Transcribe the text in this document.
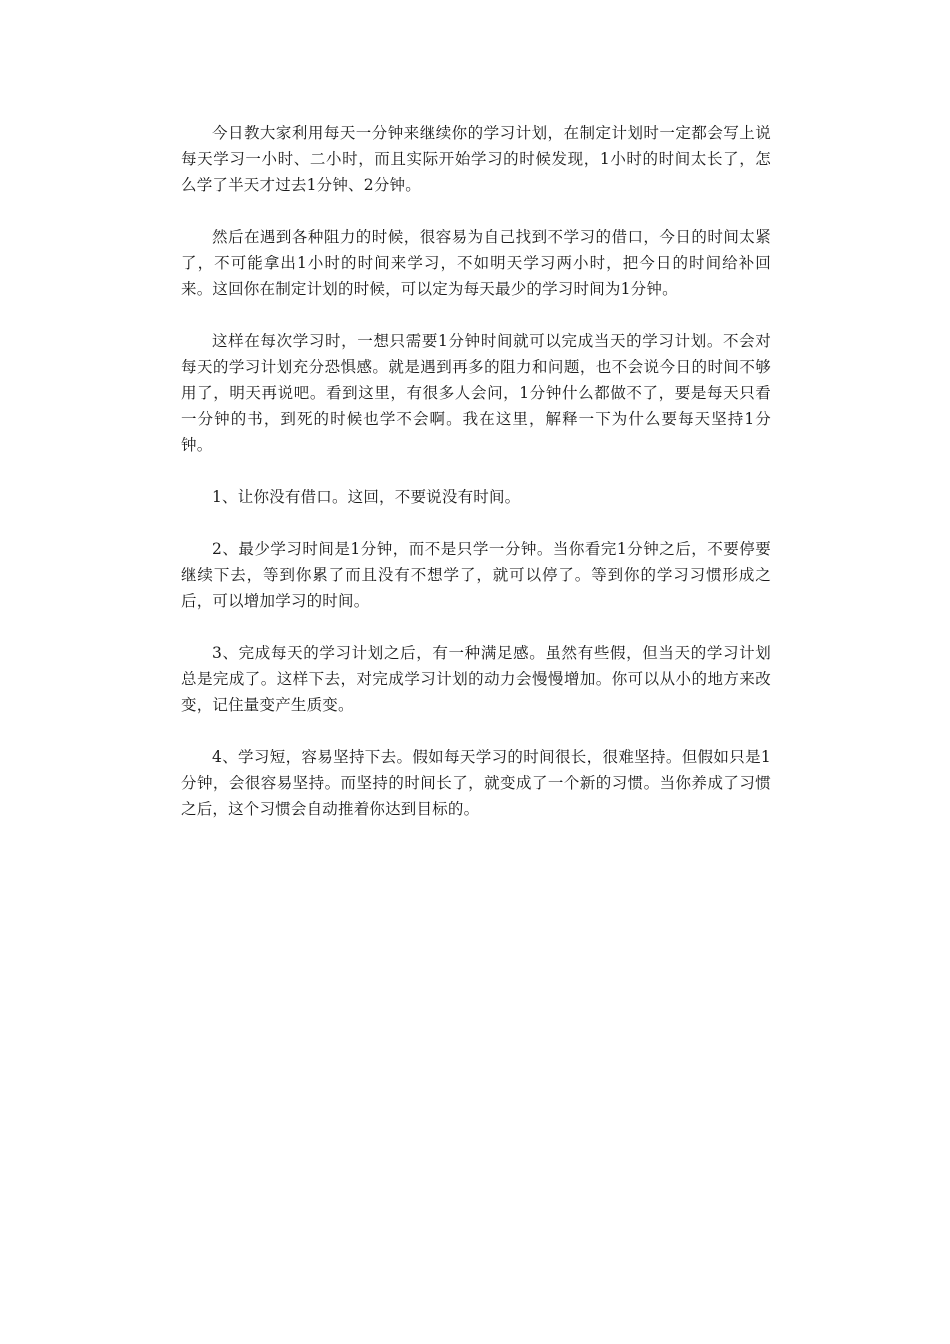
今日教大家利用每天一分钟来继续你的学习计划，在制定计划时一定都会写上说每天学习一小时、二小时，而且实际开始学习的时候发现，1小时的时间太长了，怎么学了半天才过去1分钟、2分钟。

然后在遇到各种阻力的时候，很容易为自己找到不学习的借口，今日的时间太紧了，不可能拿出1小时的时间来学习，不如明天学习两小时，把今日的时间给补回来。这回你在制定计划的时候，可以定为每天最少的学习时间为1分钟。

这样在每次学习时，一想只需要1分钟时间就可以完成当天的学习计划。不会对每天的学习计划充分恐惧感。就是遇到再多的阻力和问题，也不会说今日的时间不够用了，明天再说吧。看到这里，有很多人会问，1分钟什么都做不了，要是每天只看一分钟的书，到死的时候也学不会啊。我在这里，解释一下为什么要每天坚持1分钟。

1、让你没有借口。这回，不要说没有时间。

2、最少学习时间是1分钟，而不是只学一分钟。当你看完1分钟之后，不要停要继续下去，等到你累了而且没有不想学了，就可以停了。等到你的学习习惯形成之后，可以增加学习的时间。

3、完成每天的学习计划之后，有一种满足感。虽然有些假，但当天的学习计划总是完成了。这样下去，对完成学习计划的动力会慢慢增加。你可以从小的地方来改变，记住量变产生质变。

4、学习短，容易坚持下去。假如每天学习的时间很长，很难坚持。但假如只是1分钟，会很容易坚持。而坚持的时间长了，就变成了一个新的习惯。当你养成了习惯之后，这个习惯会自动推着你达到目标的。
